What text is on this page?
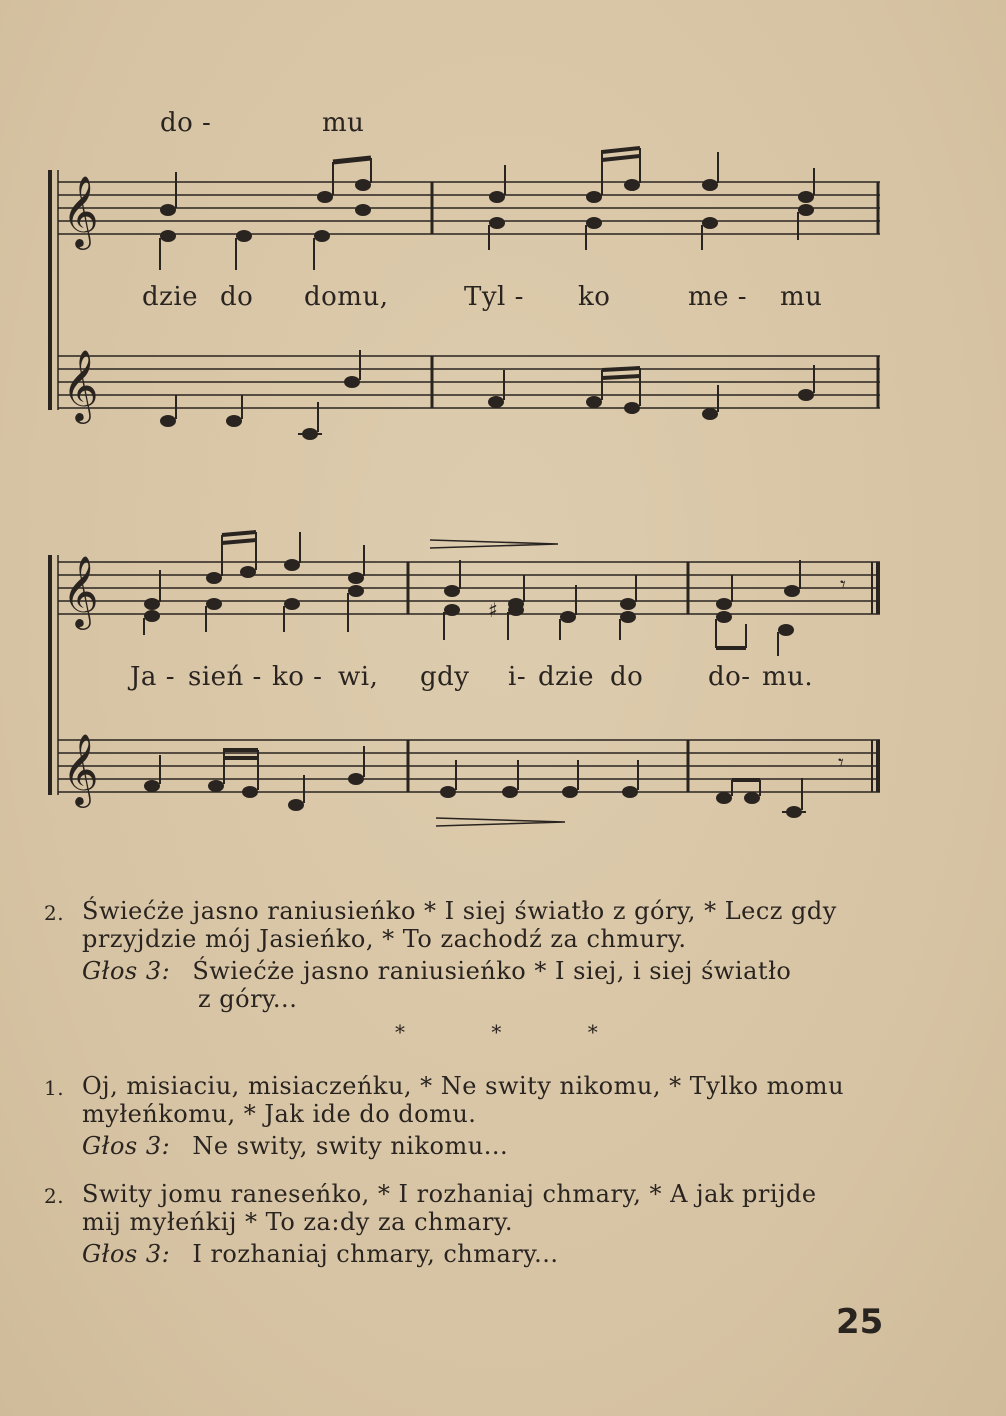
𝄞
𝄞
𝄞
𝄞
♯
𝄾
𝄾
do -	mu
dzie do domu,	Tyl - ko	me - mu
Ja - sień - ko - wi, gdy i- dzie do do- mu.
2. Świećże jasno raniusieńko * I siej światło z góry, * Lecz gdy
przyjdzie mój Jasieńko, * To zachodź za chmury.
Głos 3: Świećże jasno raniusieńko * I siej, i siej światło
z góry...
* * *
1. Oj, misiaciu, misiaczeńku, * Ne swity nikomu, * Tylko momu
myłeńkomu, * Jak ide do domu.
Głos 3: Ne swity, swity nikomu...
2. Swity jomu raneseńko, * I rozhaniaj chmary, * A jak prijde
mij myłeńkij * To za:dy za chmary.
Głos 3: I rozhaniaj chmary, chmary...
25
